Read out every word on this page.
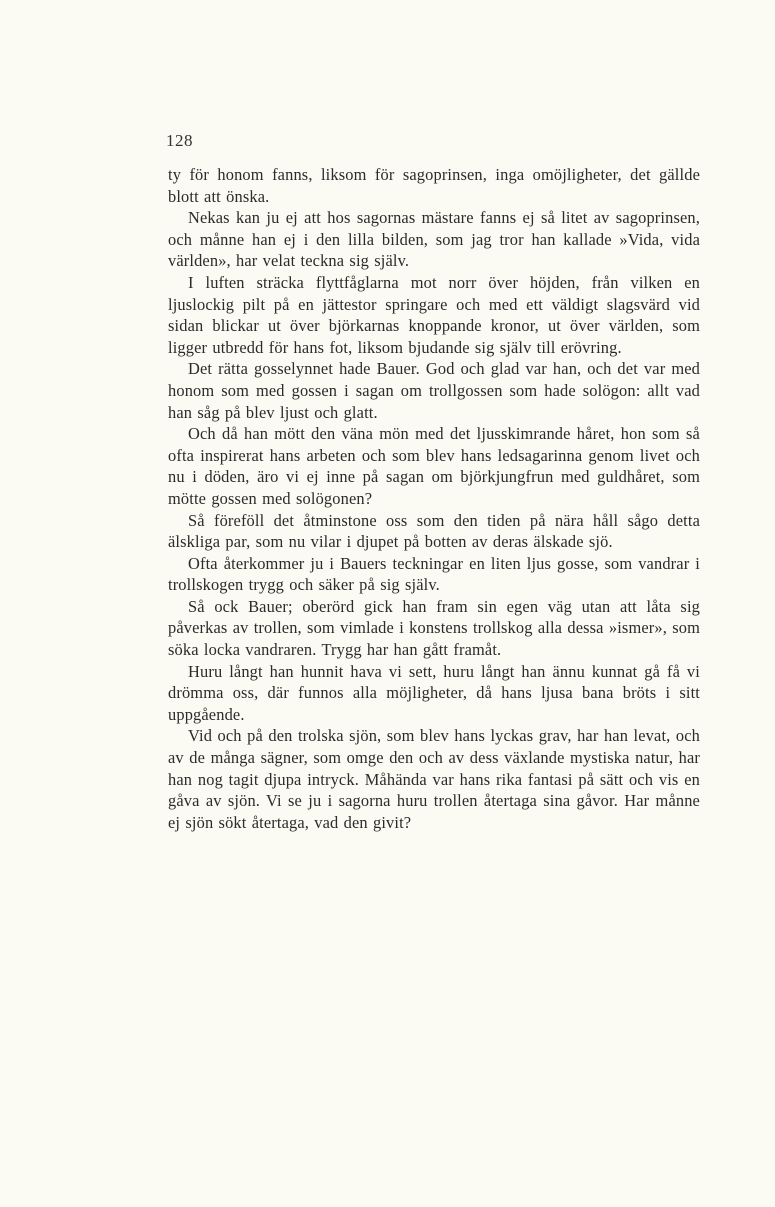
128

ty för honom fanns, liksom för sagoprinsen, inga omöjligheter, det gällde blott att önska.

Nekas kan ju ej att hos sagornas mästare fanns ej så litet av sagoprinsen, och månne han ej i den lilla bilden, som jag tror han kallade »Vida, vida världen», har velat teckna sig själv.

I luften sträcka flyttfåglarna mot norr över höjden, från vilken en ljuslockig pilt på en jättestor springare och med ett väldigt slagsvärd vid sidan blickar ut över björkarnas knoppande kronor, ut över världen, som ligger utbredd för hans fot, liksom bjudande sig själv till erövring.

Det rätta gosselynnet hade Bauer. God och glad var han, och det var med honom som med gossen i sagan om trollgossen som hade solögon: allt vad han såg på blev ljust och glatt.

Och då han mött den väna mön med det ljusskimrande håret, hon som så ofta inspirerat hans arbeten och som blev hans ledsagarinna genom livet och nu i döden, äro vi ej inne på sagan om björkjungfrun med guldhåret, som mötte gossen med solögonen?

Så föreföll det åtminstone oss som den tiden på nära håll sågo detta älskliga par, som nu vilar i djupet på botten av deras älskade sjö.

Ofta återkommer ju i Bauers teckningar en liten ljus gosse, som vandrar i trollskogen trygg och säker på sig själv.

Så ock Bauer; oberörd gick han fram sin egen väg utan att låta sig påverkas av trollen, som vimlade i konstens trollskog alla dessa »ismer», som söka locka vandraren. Trygg har han gått framåt.

Huru långt han hunnit hava vi sett, huru långt han ännu kunnat gå få vi drömma oss, där funnos alla möjligheter, då hans ljusa bana bröts i sitt uppgående.

Vid och på den trolska sjön, som blev hans lyckas grav, har han levat, och av de många sägner, som omge den och av dess växlande mystiska natur, har han nog tagit djupa intryck. Måhända var hans rika fantasi på sätt och vis en gåva av sjön. Vi se ju i sagorna huru trollen återtaga sina gåvor. Har månne ej sjön sökt återtaga, vad den givit?
